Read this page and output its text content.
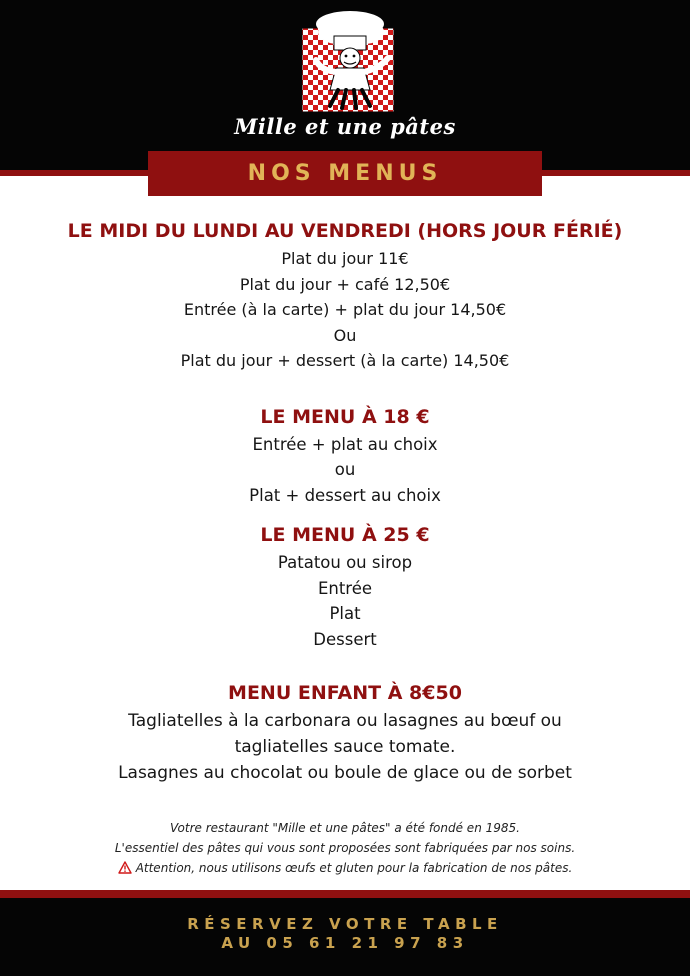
Mille et une pâtes
NOS MENUS
LE MIDI DU LUNDI AU VENDREDI (HORS JOUR FÉRIÉ)
Plat du jour 11€
Plat du jour + café 12,50€
Entrée (à la carte) + plat du jour 14,50€
Ou
Plat du jour + dessert (à la carte) 14,50€
LE MENU À 18 €
Entrée + plat au choix
ou
Plat + dessert au choix
LE MENU À 25 €
Patatou ou sirop
Entrée
Plat
Dessert
MENU ENFANT À 8€50
Tagliatelles à la carbonara ou lasagnes au bœuf ou
tagliatelles sauce tomate.
Lasagnes au chocolat ou boule de glace ou de sorbet
Votre restaurant "Mille et une pâtes" a été fondé en 1985.
L'essentiel des pâtes qui vous sont proposées sont fabriquées par nos soins.
Attention, nous utilisons œufs et gluten pour la fabrication de nos pâtes.
RÉSERVEZ VOTRE TABLE
AU 05 61 21 97 83
